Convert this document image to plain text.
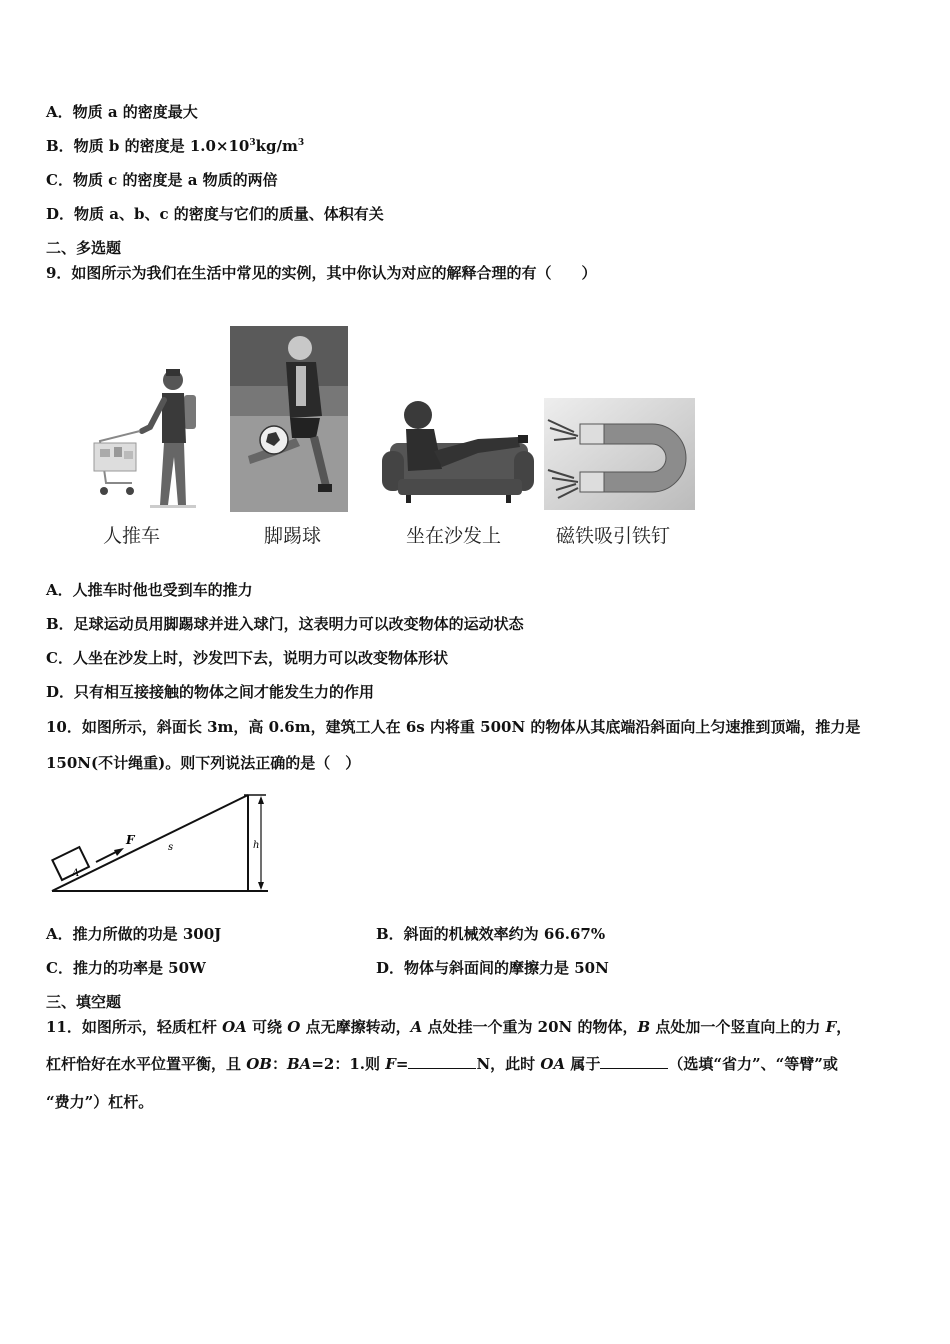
A．物质 a 的密度最大
B．物质 b 的密度是 $1.0\times 10^3kg/m^3$
C．物质 c 的密度是 a 物质的两倍
D．物质 a、b、c 的密度与它们的质量、体积有关
二、多选题
9．如图所示为我们在生活中常见的实例，其中你认为对应的解释合理的有（　　）
人推车	脚踢球	坐在沙发上	磁铁吸引铁钉
A．人推车时他也受到车的推力
B．足球运动员用脚踢球并进入球门，这表明力可以改变物体的运动状态
C．人坐在沙发上时，沙发凹下去，说明力可以改变物体形状
D．只有相互接接触的物体之间才能发生力的作用
10．如图所示，斜面长 3m，高 0.6m，建筑工人在 6s 内将重 500N 的物体从其底端沿斜面向上匀速推到顶端，推力是
150N(不计绳重)。则下列说法正确的是（　）
A
F
s	h
A．推力所做的功是 300J	B．斜面的机械效率约为 66.67%
C．推力的功率是 50W	D．物体与斜面间的摩擦力是 50N
三、填空题
11．如图所示，轻质杠杆 OA 可绕 O 点无摩擦转动，A 点处挂一个重为 20N 的物体，B 点处加一个竖直向上的力 F，
杠杆恰好在水平位置平衡，且 OB：BA=2：1.则 F=	N，此时 OA 属于	（选填“省力”、“等臂”或
“费力”）杠杆。
